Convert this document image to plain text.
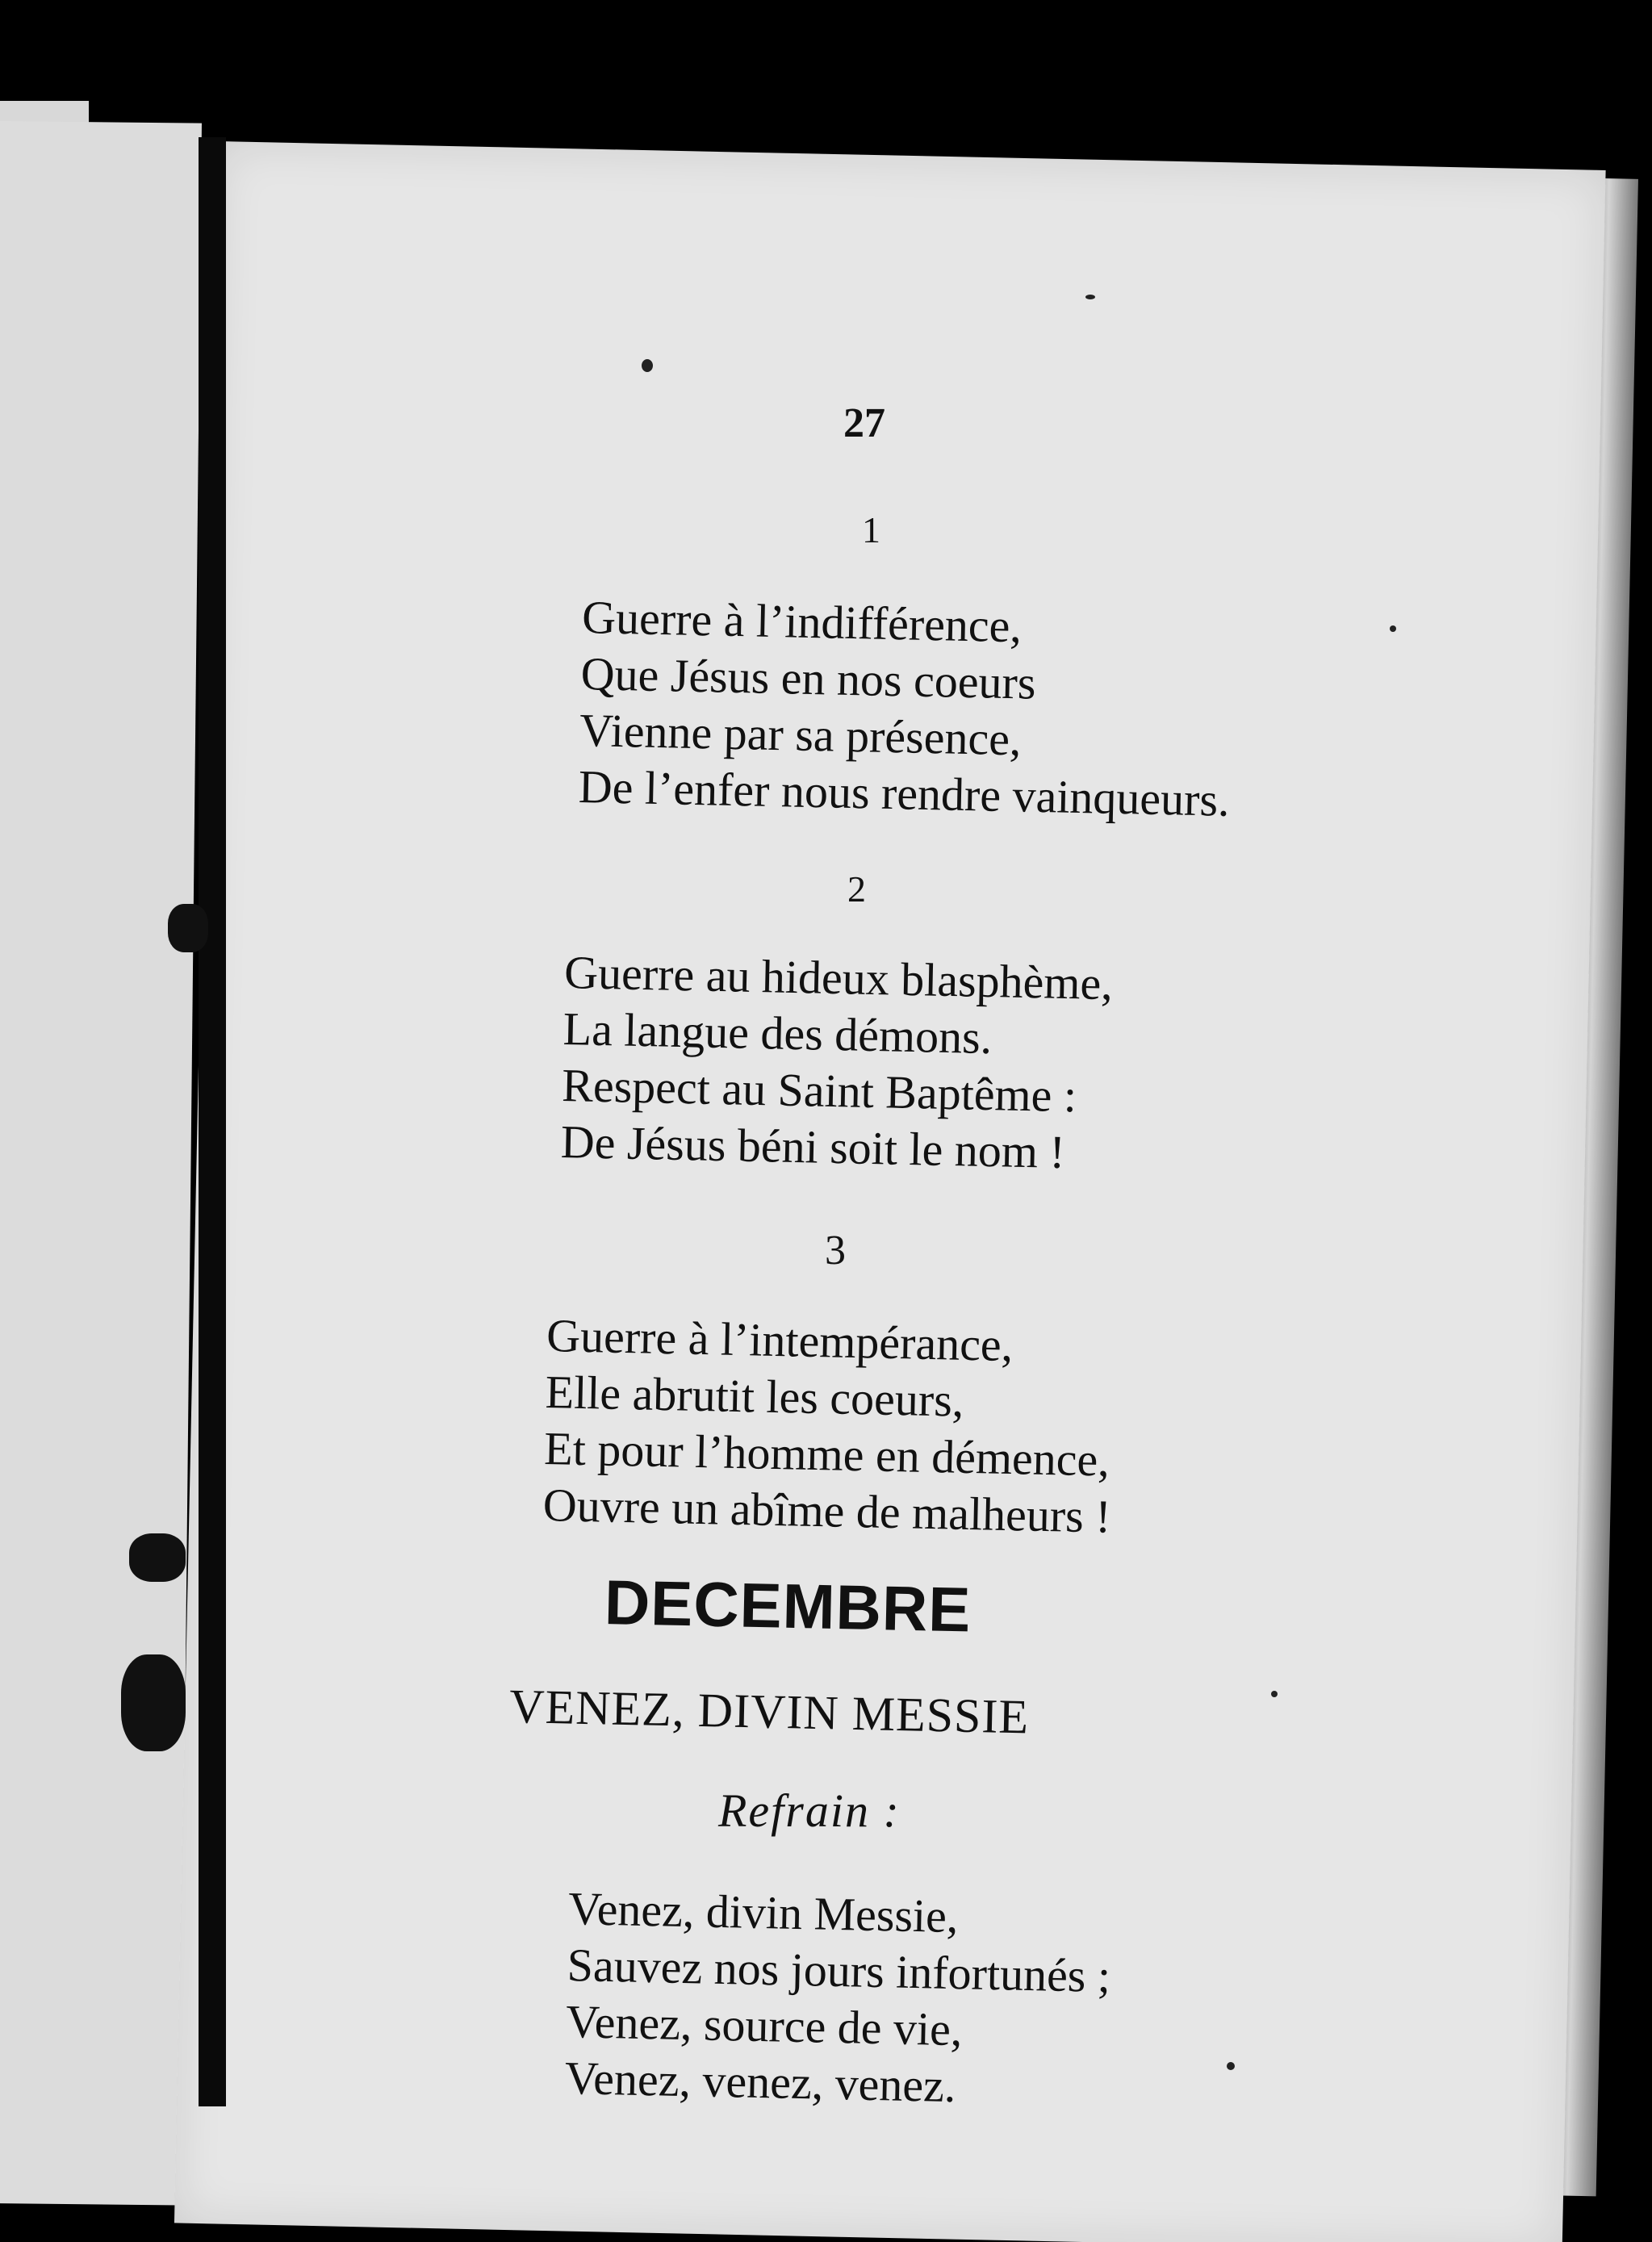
27
1
Guerre à l’indifférence,
Que Jésus en nos coeurs
Vienne par sa présence,
De l’enfer nous rendre vainqueurs.
2
Guerre au hideux blasphème,
La langue des démons.
Respect au Saint Baptême :
De Jésus béni soit le nom !
3
Guerre à l’intempérance,
Elle abrutit les coeurs,
Et pour l’homme en démence,
Ouvre un abîme de malheurs !
DECEMBRE
VENEZ, DIVIN MESSIE
Refrain :
Venez, divin Messie,
Sauvez nos jours infortunés ;
Venez, source de vie,
Venez, venez, venez.
